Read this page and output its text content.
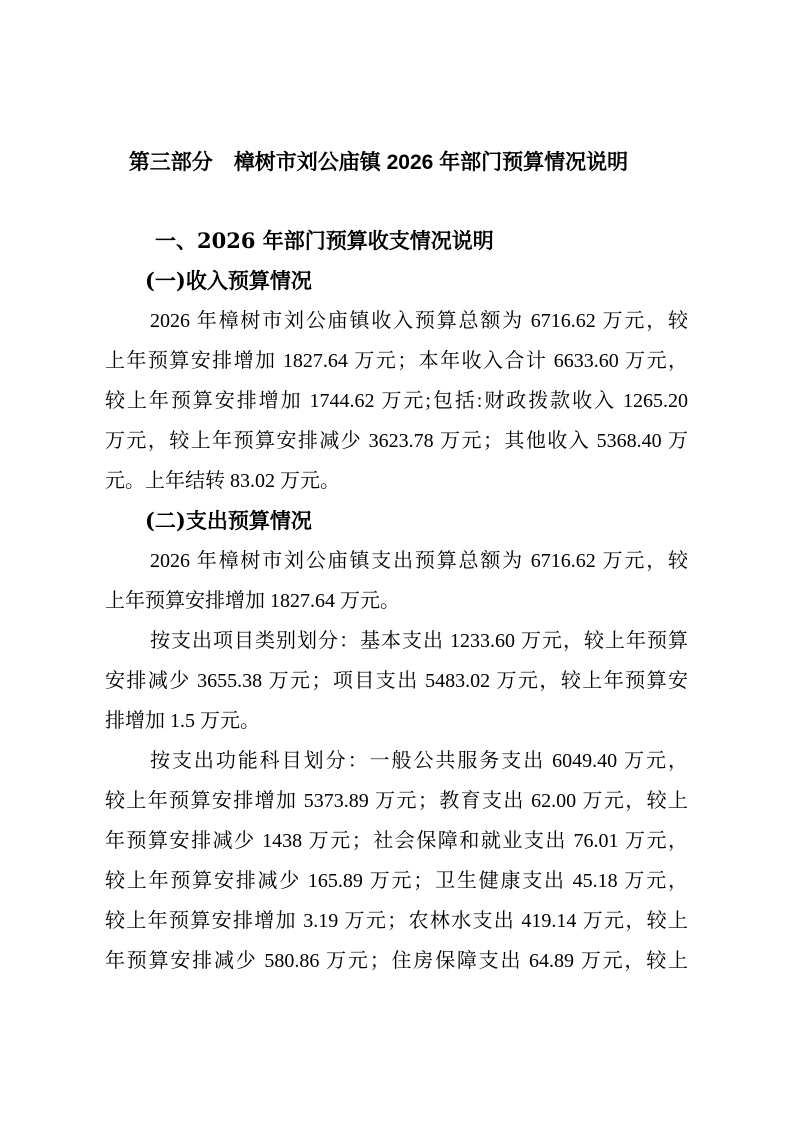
第三部分　樟树市刘公庙镇 2026 年部门预算情况说明
一、2026 年部门预算收支情况说明
(一)收入预算情况
2026 年樟树市刘公庙镇收入预算总额为 6716.62 万元，较
上年预算安排增加 1827.64 万元；本年收入合计 6633.60 万元，
较上年预算安排增加 1744.62 万元;包括:财政拨款收入 1265.20
万元，较上年预算安排减少 3623.78 万元；其他收入 5368.40 万
元。上年结转 83.02 万元。
(二)支出预算情况
2026 年樟树市刘公庙镇支出预算总额为 6716.62 万元，较
上年预算安排增加 1827.64 万元。
按支出项目类别划分：基本支出 1233.60 万元，较上年预算
安排减少 3655.38 万元；项目支出 5483.02 万元，较上年预算安
排增加 1.5 万元。
按支出功能科目划分：一般公共服务支出 6049.40 万元，
较上年预算安排增加 5373.89 万元；教育支出 62.00 万元，较上
年预算安排减少 1438 万元；社会保障和就业支出 76.01 万元，
较上年预算安排减少 165.89 万元；卫生健康支出 45.18 万元，
较上年预算安排增加 3.19 万元；农林水支出 419.14 万元，较上
年预算安排减少 580.86 万元；住房保障支出 64.89 万元，较上
